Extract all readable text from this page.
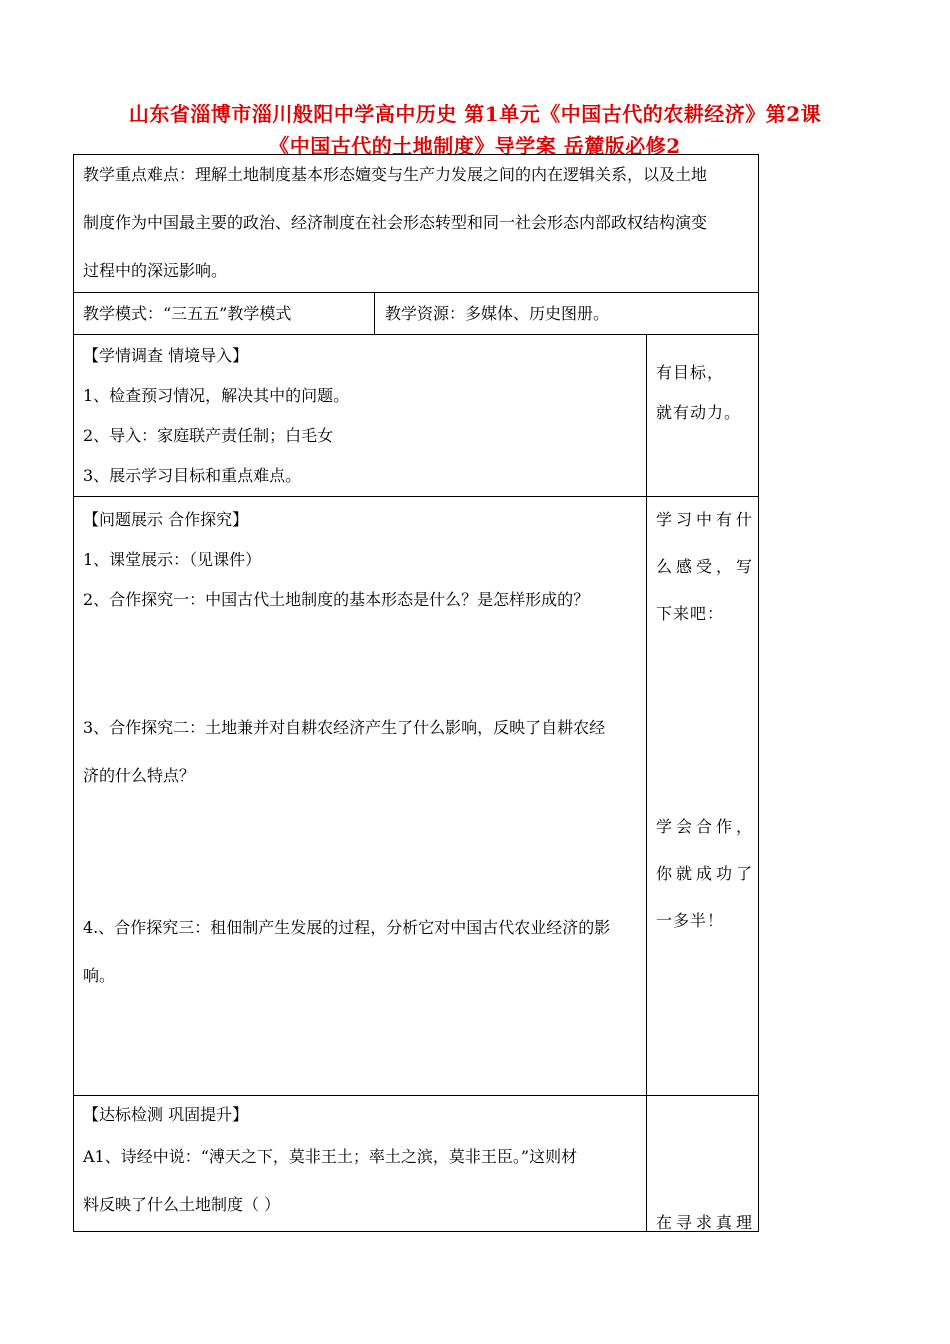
山东省淄博市淄川般阳中学高中历史 第1单元《中国古代的农耕经济》第2课
《中国古代的土地制度》导学案 岳麓版必修2
教学重点难点：理解土地制度基本形态嬗变与生产力发展之间的内在逻辑关系，以及土地
制度作为中国最主要的政治、经济制度在社会形态转型和同一社会形态内部政权结构演变
过程中的深远影响。
教学模式：“三五五”教学模式	教学资源：多媒体、历史图册。
【学情调查 情境导入】
1、检查预习情况，解决其中的问题。
2、导入：家庭联产责任制；白毛女
3、展示学习目标和重点难点。
有目标，
就有动力。
【问题展示 合作探究】
1、课堂展示：（见课件）
2、合作探究一：中国古代土地制度的基本形态是什么？是怎样形成的？
3、合作探究二：土地兼并对自耕农经济产生了什么影响，反映了自耕农经
济的什么特点？
4.、合作探究三：租佃制产生发展的过程，分析它对中国古代农业经济的影
响。
学习中有什
么感受，写
下来吧：
学会合作，
你就成功了
一多半！
【达标检测 巩固提升】
A1、诗经中说：“溥天之下，莫非王土；率土之滨，莫非王臣。”这则材
料反映了什么土地制度（ ）
在寻求真理
